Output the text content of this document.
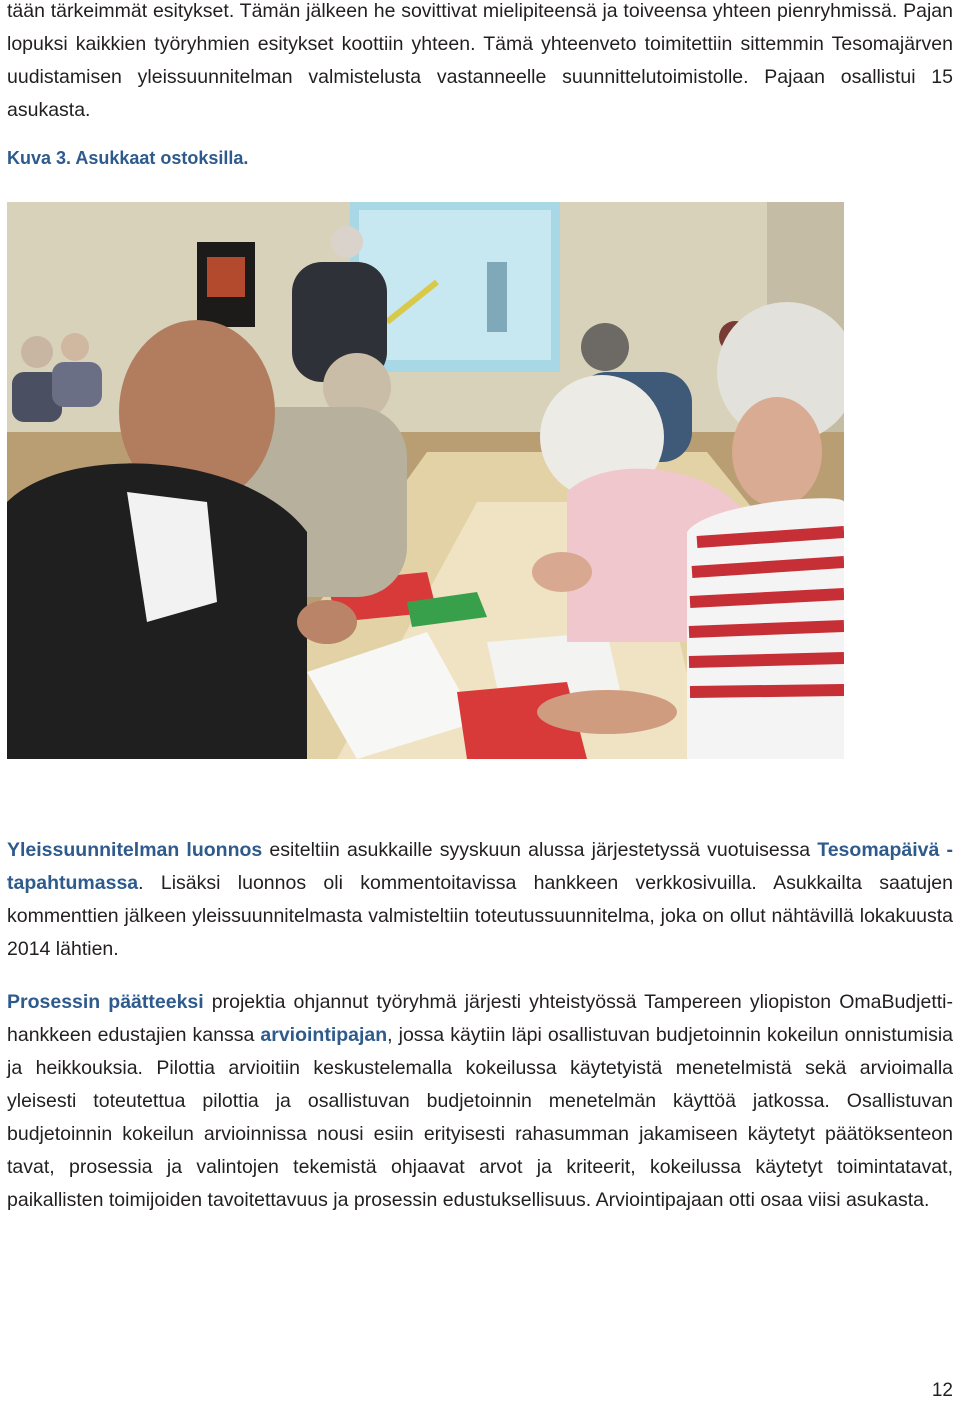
tään tärkeimmät esitykset. Tämän jälkeen he sovittivat mielipiteensä ja toiveensa yhteen pienryhmissä. Pajan lopuksi kaikkien työryhmien esitykset koottiin yhteen. Tämä yhteenveto toimitettiin sittemmin Tesomajärven uudistamisen yleissuunnitelman valmistelusta vastanneelle suunnittelutoimistolle. Pajaan osallistui 15 asukasta.

Kuva 3. Asukkaat ostoksilla.

Yleissuunnitelman luonnos esiteltiin asukkaille syyskuun alussa järjestetyssä vuotuisessa Tesomapäivä -tapahtumassa. Lisäksi luonnos oli kommentoitavissa hankkeen verkkosivuilla. Asukkailta saatujen kommenttien jälkeen yleissuunnitelmasta valmisteltiin toteutussuunnitelma, joka on ollut nähtävillä lokakuusta 2014 lähtien.

Prosessin päätteeksi projektia ohjannut työryhmä järjesti yhteistyössä Tampereen yliopiston OmaBudjetti-hankkeen edustajien kanssa arviointipajan, jossa käytiin läpi osallistuvan budjetoinnin kokeilun onnistumisia ja heikkouksia. Pilottia arvioitiin keskustelemalla kokeilussa käytetyistä menetelmistä sekä arvioimalla yleisesti toteutettua pilottia ja osallistuvan budjetoinnin menetelmän käyttöä jatkossa. Osallistuvan budjetoinnin kokeilun arvioinnissa nousi esiin erityisesti rahasumman jakamiseen käytetyt päätöksenteon tavat, prosessia ja valintojen tekemistä ohjaavat arvot ja kriteerit, kokeilussa käytetyt toimintatavat, paikallisten toimijoiden tavoitettavuus ja prosessin edustuksellisuus. Arviointipajaan otti osaa viisi asukasta.

12
